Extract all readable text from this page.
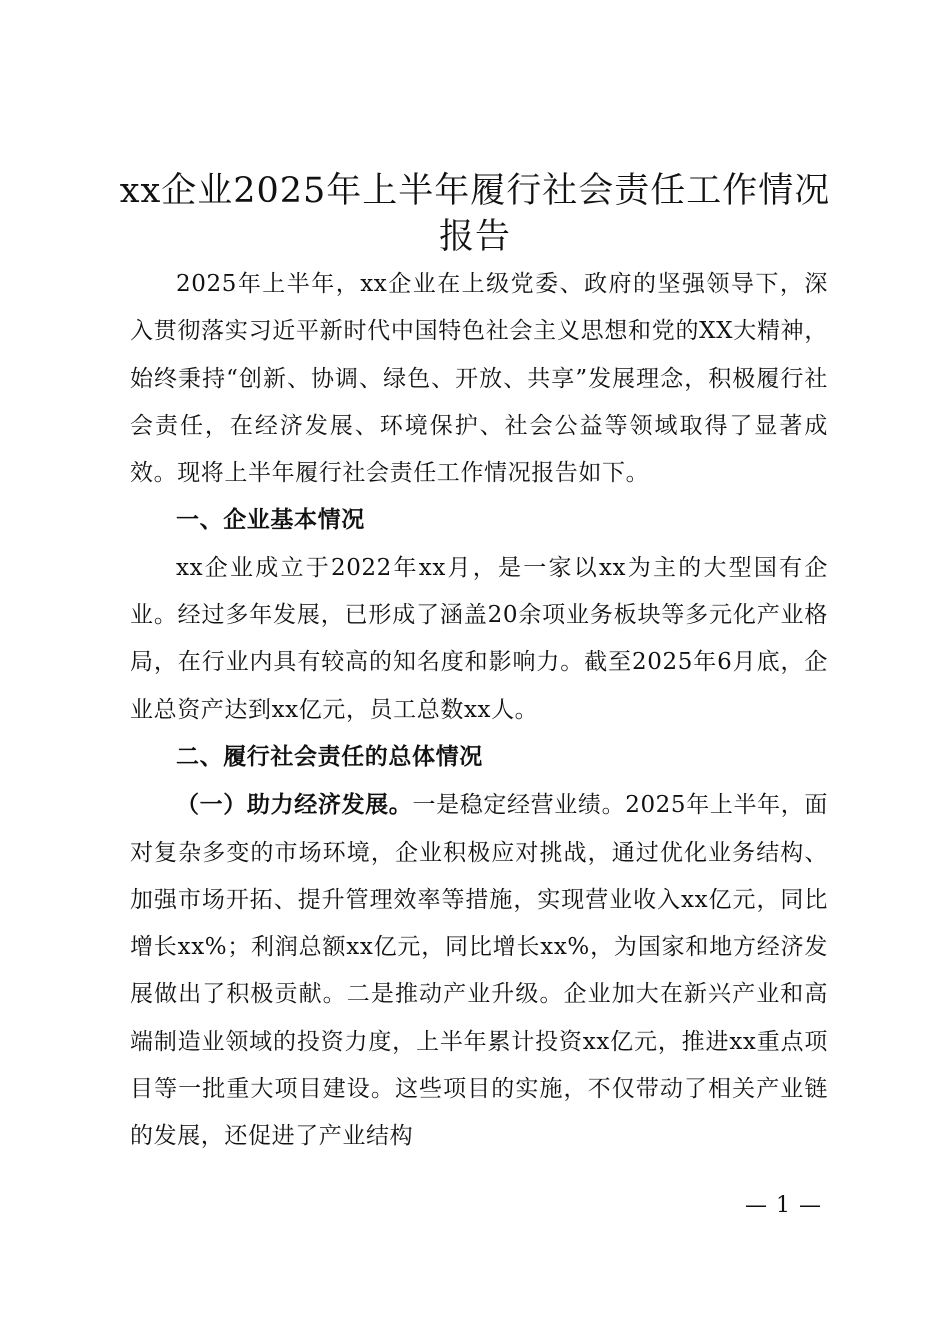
xx企业2025年上半年履行社会责任工作情况报告

2025年上半年，xx企业在上级党委、政府的坚强领导下，深入贯彻落实习近平新时代中国特色社会主义思想和党的XX大精神，始终秉持“创新、协调、绿色、开放、共享”发展理念，积极履行社会责任，在经济发展、环境保护、社会公益等领域取得了显著成效。现将上半年履行社会责任工作情况报告如下。

一、企业基本情况

xx企业成立于2022年xx月，是一家以xx为主的大型国有企业。经过多年发展，已形成了涵盖20余项业务板块等多元化产业格局，在行业内具有较高的知名度和影响力。截至2025年6月底，企业总资产达到xx亿元，员工总数xx人。

二、履行社会责任的总体情况

（一）助力经济发展。一是稳定经营业绩。2025年上半年，面对复杂多变的市场环境，企业积极应对挑战，通过优化业务结构、加强市场开拓、提升管理效率等措施，实现营业收入xx亿元，同比增长xx%；利润总额xx亿元，同比增长xx%，为国家和地方经济发展做出了积极贡献。二是推动产业升级。企业加大在新兴产业和高端制造业领域的投资力度，上半年累计投资xx亿元，推进xx重点项目等一批重大项目建设。这些项目的实施，不仅带动了相关产业链的发展，还促进了产业结构

— 1 —
